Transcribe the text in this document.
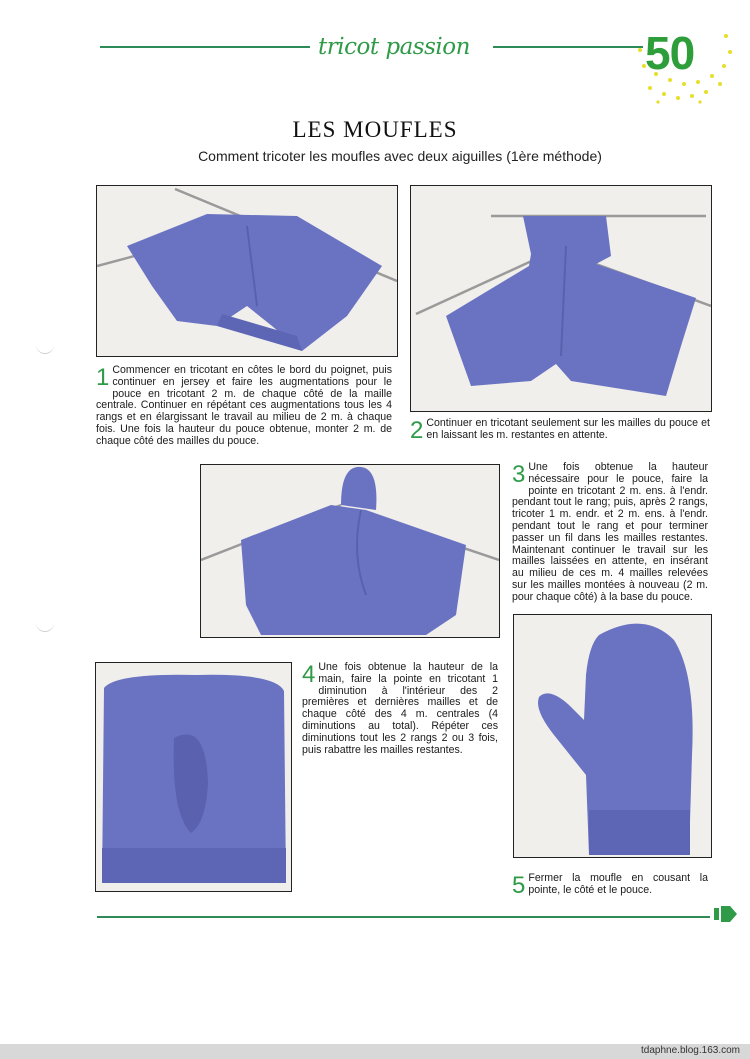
tricot passion	50
LES MOUFLES
Comment tricoter les moufles avec deux aiguilles (1ère méthode)
1 Commencer en tricotant en côtes le bord du poignet, puis continuer en jersey et faire les augmentations pour le pouce en tricotant 2 m. de chaque côté de la maille centrale. Continuer en répétant ces augmentations tous les 4 rangs et en élargissant le travail au milieu de 2 m. à chaque fois. Une fois la hauteur du pouce obtenue, monter 2 m. de chaque côté des mailles du pouce.	2 Continuer en tricotant seulement sur les mailles du pouce et en laissant les m. restantes en attente.
3 Une fois obtenue la hauteur nécessaire pour le pouce, faire la pointe en tricotant 2 m. ens. à l'endr. pendant tout le rang; puis, après 2 rangs, tricoter 1 m. endr. et 2 m. ens. à l'endr. pendant tout le rang et pour terminer passer un fil dans les mailles restantes. Maintenant continuer le travail sur les mailles laissées en attente, en insérant au milieu de ces m. 4 mailles relevées sur les mailles montées à nouveau (2 m. pour chaque côté) à la base du pouce.
4 Une fois obtenue la hauteur de la main, faire la pointe en tricotant 1 diminution à l'intérieur des 2 premières et dernières mailles et de chaque côté des 4 m. centrales (4 diminutions au total). Répéter ces diminutions tout les 2 rangs 2 ou 3 fois, puis rabattre les mailles restantes.
5 Fermer la moufle en cousant la pointe, le côté et le pouce.
tdaphne.blog.163.com
